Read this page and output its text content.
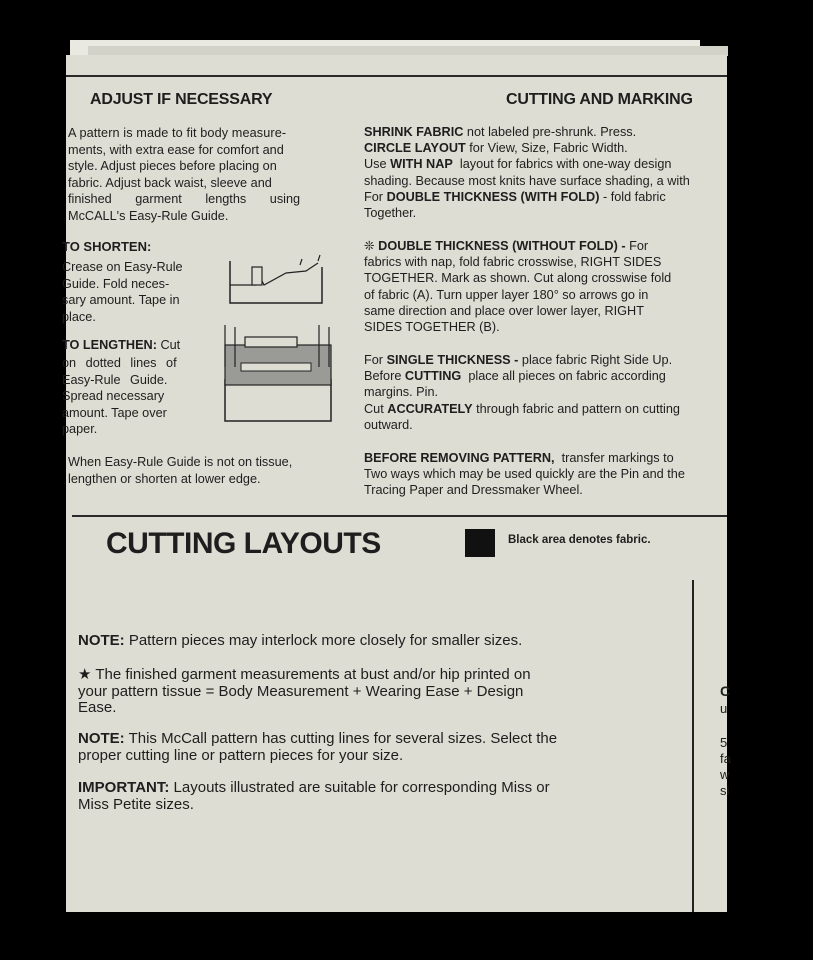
ADJUST IF NECESSARY

A pattern is made to fit body measure-

ments, with extra ease for comfort and

style. Adjust pieces before placing on

fabric. Adjust back waist, sleeve and

finished garment lengths using

McCALL's Easy-Rule Guide.

TO SHORTEN:

Crease on Easy-Rule

Guide. Fold neces-

sary amount. Tape in

place.

TO LENGTHEN: Cut

on dotted lines of

Easy-Rule Guide.

Spread necessary

amount. Tape over

paper.

When Easy-Rule Guide is not on tissue,

lengthen or shorten at lower edge.

CUTTING AND MARKING

SHRINK FABRIC not labeled pre-shrunk. Press.

CIRCLE LAYOUT for View, Size, Fabric Width.

Use WITH NAP  layout for fabrics with one-way design

shading. Because most knits have surface shading, a with

For DOUBLE THICKNESS (WITH FOLD) - fold fabric

Together.

❊ DOUBLE THICKNESS (WITHOUT FOLD) - For

fabrics with nap, fold fabric crosswise, RIGHT SIDES

TOGETHER. Mark as shown. Cut along crosswise fold

of fabric (A). Turn upper layer 180° so arrows go in

same direction and place over lower layer, RIGHT

SIDES TOGETHER (B).

For SINGLE THICKNESS - place fabric Right Side Up.

Before CUTTING  place all pieces on fabric according

margins. Pin.

Cut ACCURATELY through fabric and pattern on cutting

outward.

BEFORE REMOVING PATTERN,  transfer markings to

Two ways which may be used quickly are the Pin and the

Tracing Paper and Dressmaker Wheel.

CUTTING LAYOUTS	Black area denotes fabric.

NOTE: Pattern pieces may interlock more closely for smaller sizes.

★ The finished garment measurements at bust and/or hip printed on

your pattern tissue = Body Measurement + Wearing Ease + Design

Ease.

NOTE: This McCall pattern has cutting lines for several sizes. Select the

proper cutting line or pattern pieces for your size.

IMPORTANT: Layouts illustrated are suitable for corresponding Miss or

Miss Petite sizes.

C
u
5
fa
w
si
